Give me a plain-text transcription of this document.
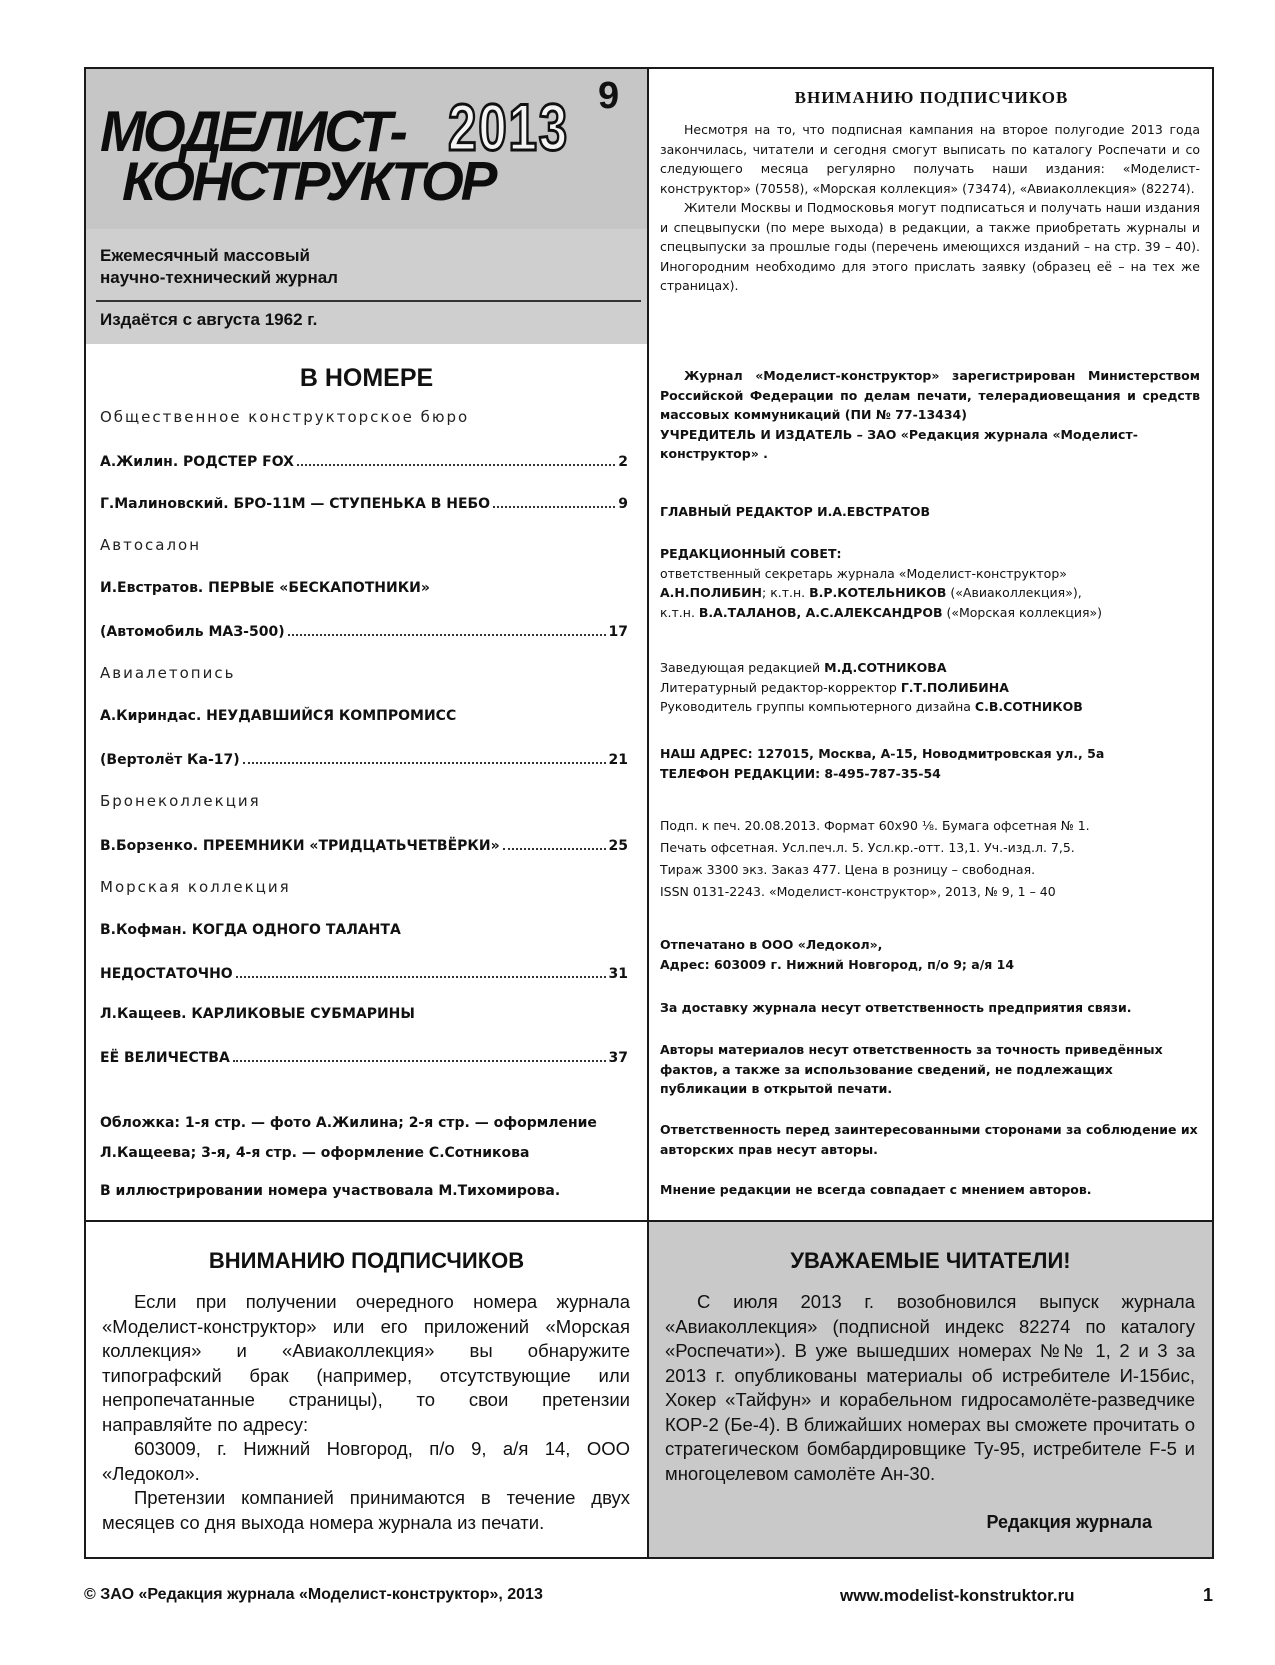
МОДЕЛИСТ-
КОНСТРУКТОР
2013 9
Ежемесячный массовый
научно-технический журнал
Издаётся с августа 1962 г.
В НОМЕРЕ
Общественное конструкторское бюро
А.Жилин. РОДСТЕР FOX	2
Г.Малиновский. БРО-11М — СТУПЕНЬКА В НЕБО	9
Автосалон
И.Евстратов. ПЕРВЫЕ «БЕСКАПОТНИКИ»
(Автомобиль МАЗ-500)	17
Авиалетопись
А.Кириндас. НЕУДАВШИЙСЯ КОМПРОМИСС
(Вертолёт Ка-17)	21
Бронеколлекция
В.Борзенко. ПРЕЕМНИКИ «ТРИДЦАТЬЧЕТВЁРКИ»	25
Морская коллекция
В.Кофман. КОГДА ОДНОГО ТАЛАНТА
НЕДОСТАТОЧНО	31
Л.Кащеев. КАРЛИКОВЫЕ СУБМАРИНЫ
ЕЁ ВЕЛИЧЕСТВА	37
Обложка: 1-я стр. — фото А.Жилина; 2-я стр. — оформление
Л.Кащеева; 3-я, 4-я стр. — оформление С.Сотникова
В иллюстрировании номера участвовала М.Тихомирова.
ВНИМАНИЮ ПОДПИСЧИКОВ

Несмотря на то, что подписная кампания на второе полугодие 2013 года закончилась, читатели и сегодня смогут выписать по каталогу Роспечати и со следующего месяца регулярно получать наши издания: «Моделист-конструктор» (70558), «Морская коллекция» (73474), «Авиаколлекция» (82274).

Жители Москвы и Подмосковья могут подписаться и получать наши издания и спецвыпуски (по мере выхода) в редакции, а также приобретать журналы и спецвыпуски за прошлые годы (перечень имеющихся изданий – на стр. 39 – 40). Иногородним необходимо для этого прислать заявку (образец её – на тех же страницах).

Журнал «Моделист-конструктор» зарегистрирован Министерством Российской Федерации по делам печати, телерадиовещания и средств массовых коммуникаций (ПИ № 77-13434)

УЧРЕДИТЕЛЬ И ИЗДАТЕЛЬ – ЗАО «Редакция журнала «Моделист-конструктор» .
ГЛАВНЫЙ РЕДАКТОР И.А.ЕВСТРАТОВ
РЕДАКЦИОННЫЙ СОВЕТ:
ответственный секретарь журнала «Моделист-конструктор»
А.Н.ПОЛИБИН; к.т.н. В.Р.КОТЕЛЬНИКОВ («Авиаколлекция»),
к.т.н. В.А.ТАЛАНОВ, А.С.АЛЕКСАНДРОВ («Морская коллекция»)
Заведующая редакцией М.Д.СОТНИКОВА
Литературный редактор-корректор Г.Т.ПОЛИБИНА
Руководитель группы компьютерного дизайна С.В.СОТНИКОВ
НАШ АДРЕС: 127015, Москва, А-15, Новодмитровская ул., 5а
ТЕЛЕФОН РЕДАКЦИИ: 8-495-787-35-54
Подп. к печ. 20.08.2013. Формат 60х90 ⅛. Бумага офсетная № 1.
Печать офсетная. Усл.печ.л. 5. Усл.кр.-отт. 13,1. Уч.-изд.л. 7,5.
Тираж 3300 экз. Заказ 477. Цена в розницу – свободная.
ISSN 0131-2243. «Моделист-конструктор», 2013, № 9, 1 – 40
Отпечатано в ООО «Ледокол»,
Адрес: 603009 г. Нижний Новгород, п/о 9; а/я 14
За доставку журнала несут ответственность предприятия связи.
Авторы материалов несут ответственность за точность приведённых фактов, а также за использование сведений, не подлежащих публикации в открытой печати.
Ответственность перед заинтересованными сторонами за соблюдение их авторских прав несут авторы.
Мнение редакции не всегда совпадает с мнением авторов.
ВНИМАНИЮ ПОДПИСЧИКОВ

Если при получении очередного номера журнала «Моделист-конструктор» или его приложений «Морская коллекция» и «Авиаколлекция» вы обнаружите типографский брак (например, отсутствующие или непропечатанные страницы), то свои претензии направляйте по адресу:

603009, г. Нижний Новгород, п/о 9, а/я 14, ООО «Ледокол».

Претензии компанией принимаются в течение двух месяцев со дня выхода номера журнала из печати.

УВАЖАЕМЫЕ ЧИТАТЕЛИ!

С июля 2013 г. возобновился выпуск журнала «Авиаколлекция» (подписной индекс 82274 по каталогу «Роспечати»). В уже вышедших номерах №№ 1, 2 и 3 за 2013 г. опубликованы материалы об истребителе И-15бис, Хокер «Тайфун» и корабельном гидросамолёте-разведчике КОР-2 (Бе-4). В ближайших номерах вы сможете прочитать о стратегическом бомбардировщике Ту-95, истребителе F-5 и многоцелевом самолёте Ан-30.

Редакция журнала
© ЗАО «Редакция журнала «Моделист-конструктор», 2013	www.modelist-konstruktor.ru	1
